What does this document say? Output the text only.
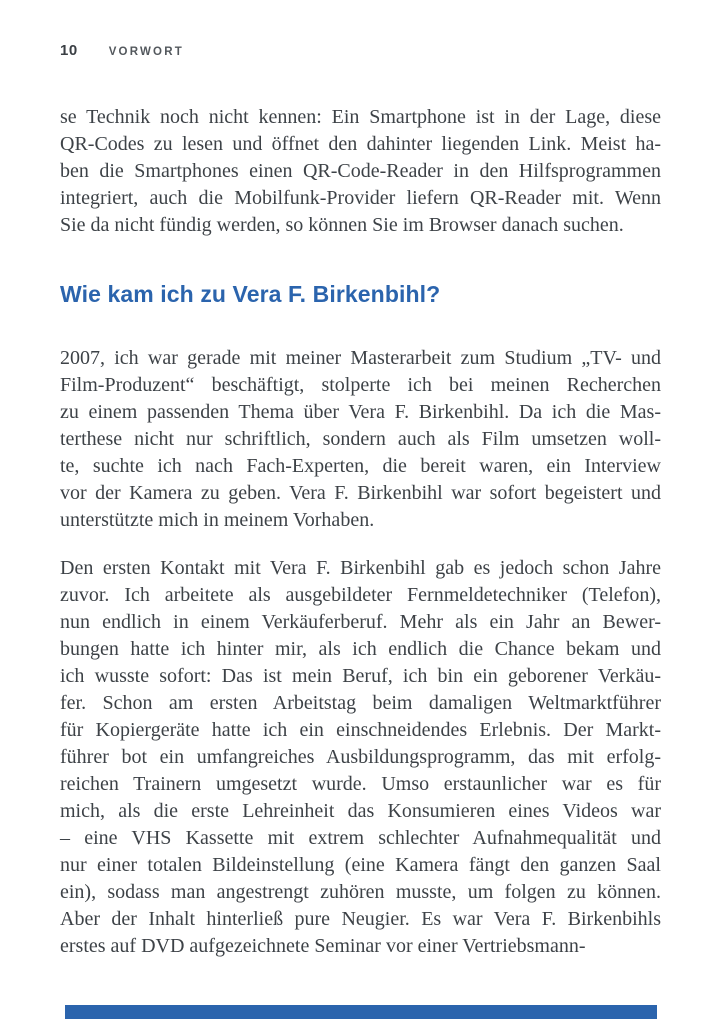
10	VORWORT
se Technik noch nicht kennen: Ein Smartphone ist in der Lage, diese
QR-Codes zu lesen und öffnet den dahinter liegenden Link. Meist ha-
ben die Smartphones einen QR-Code-Reader in den Hilfsprogrammen
integriert, auch die Mobilfunk-Provider liefern QR-Reader mit. Wenn
Sie da nicht fündig werden, so können Sie im Browser danach suchen.
Wie kam ich zu Vera F. Birkenbihl?
2007, ich war gerade mit meiner Masterarbeit zum Studium „TV- und
Film-Produzent“ beschäftigt, stolperte ich bei meinen Recherchen
zu einem passenden Thema über Vera F. Birkenbihl. Da ich die Mas-
terthese nicht nur schriftlich, sondern auch als Film umsetzen woll-
te, suchte ich nach Fach-Experten, die bereit waren, ein Interview
vor der Kamera zu geben. Vera F. Birkenbihl war sofort begeistert und
unterstützte mich in meinem Vorhaben.
Den ersten Kontakt mit Vera F. Birkenbihl gab es jedoch schon Jahre
zuvor. Ich arbeitete als ausgebildeter Fernmeldetechniker (Telefon),
nun endlich in einem Verkäuferberuf. Mehr als ein Jahr an Bewer-
bungen hatte ich hinter mir, als ich endlich die Chance bekam und
ich wusste sofort: Das ist mein Beruf, ich bin ein geborener Verkäu-
fer. Schon am ersten Arbeitstag beim damaligen Weltmarktführer
für Kopiergeräte hatte ich ein einschneidendes Erlebnis. Der Markt-
führer bot ein umfangreiches Ausbildungsprogramm, das mit erfolg-
reichen Trainern umgesetzt wurde. Umso erstaunlicher war es für
mich, als die erste Lehreinheit das Konsumieren eines Videos war
– eine VHS Kassette mit extrem schlechter Aufnahmequalität und
nur einer totalen Bildeinstellung (eine Kamera fängt den ganzen Saal
ein), sodass man angestrengt zuhören musste, um folgen zu können.
Aber der Inhalt hinterließ pure Neugier. Es war Vera F. Birkenbihls
erstes auf DVD aufgezeichnete Seminar vor einer Vertriebsmann-
